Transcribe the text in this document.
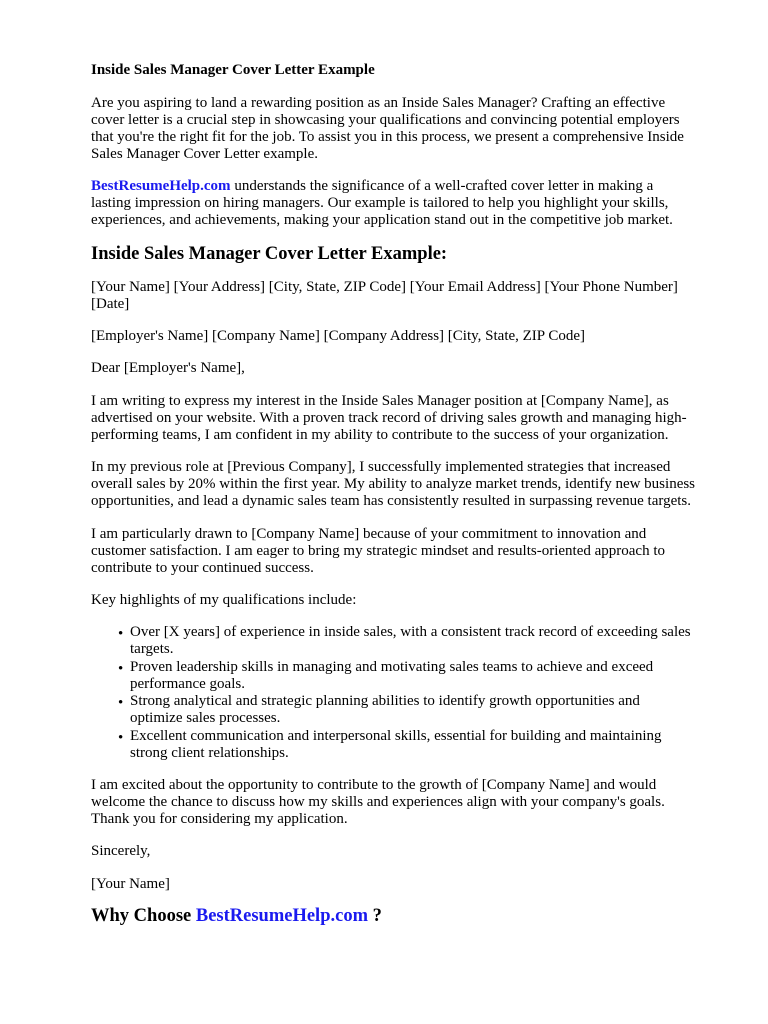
Inside Sales Manager Cover Letter Example

Are you aspiring to land a rewarding position as an Inside Sales Manager? Crafting an effective

cover letter is a crucial step in showcasing your qualifications and convincing potential employers

that you're the right fit for the job. To assist you in this process, we present a comprehensive Inside

Sales Manager Cover Letter example.

BestResumeHelp.com understands the significance of a well-crafted cover letter in making a

lasting impression on hiring managers. Our example is tailored to help you highlight your skills,

experiences, and achievements, making your application stand out in the competitive job market.

Inside Sales Manager Cover Letter Example:

[Your Name] [Your Address] [City, State, ZIP Code] [Your Email Address] [Your Phone Number]

[Date]

[Employer's Name] [Company Name] [Company Address] [City, State, ZIP Code]

Dear [Employer's Name],

I am writing to express my interest in the Inside Sales Manager position at [Company Name], as

advertised on your website. With a proven track record of driving sales growth and managing high-

performing teams, I am confident in my ability to contribute to the success of your organization.

In my previous role at [Previous Company], I successfully implemented strategies that increased

overall sales by 20% within the first year. My ability to analyze market trends, identify new business

opportunities, and lead a dynamic sales team has consistently resulted in surpassing revenue targets.

I am particularly drawn to [Company Name] because of your commitment to innovation and

customer satisfaction. I am eager to bring my strategic mindset and results-oriented approach to

contribute to your continued success.

Key highlights of my qualifications include:

• Over [X years] of experience in inside sales, with a consistent track record of exceeding sales

targets.

• Proven leadership skills in managing and motivating sales teams to achieve and exceed

performance goals.

• Strong analytical and strategic planning abilities to identify growth opportunities and

optimize sales processes.

• Excellent communication and interpersonal skills, essential for building and maintaining

strong client relationships.

I am excited about the opportunity to contribute to the growth of [Company Name] and would

welcome the chance to discuss how my skills and experiences align with your company's goals.

Thank you for considering my application.

Sincerely,

[Your Name]

Why Choose BestResumeHelp.com ?
